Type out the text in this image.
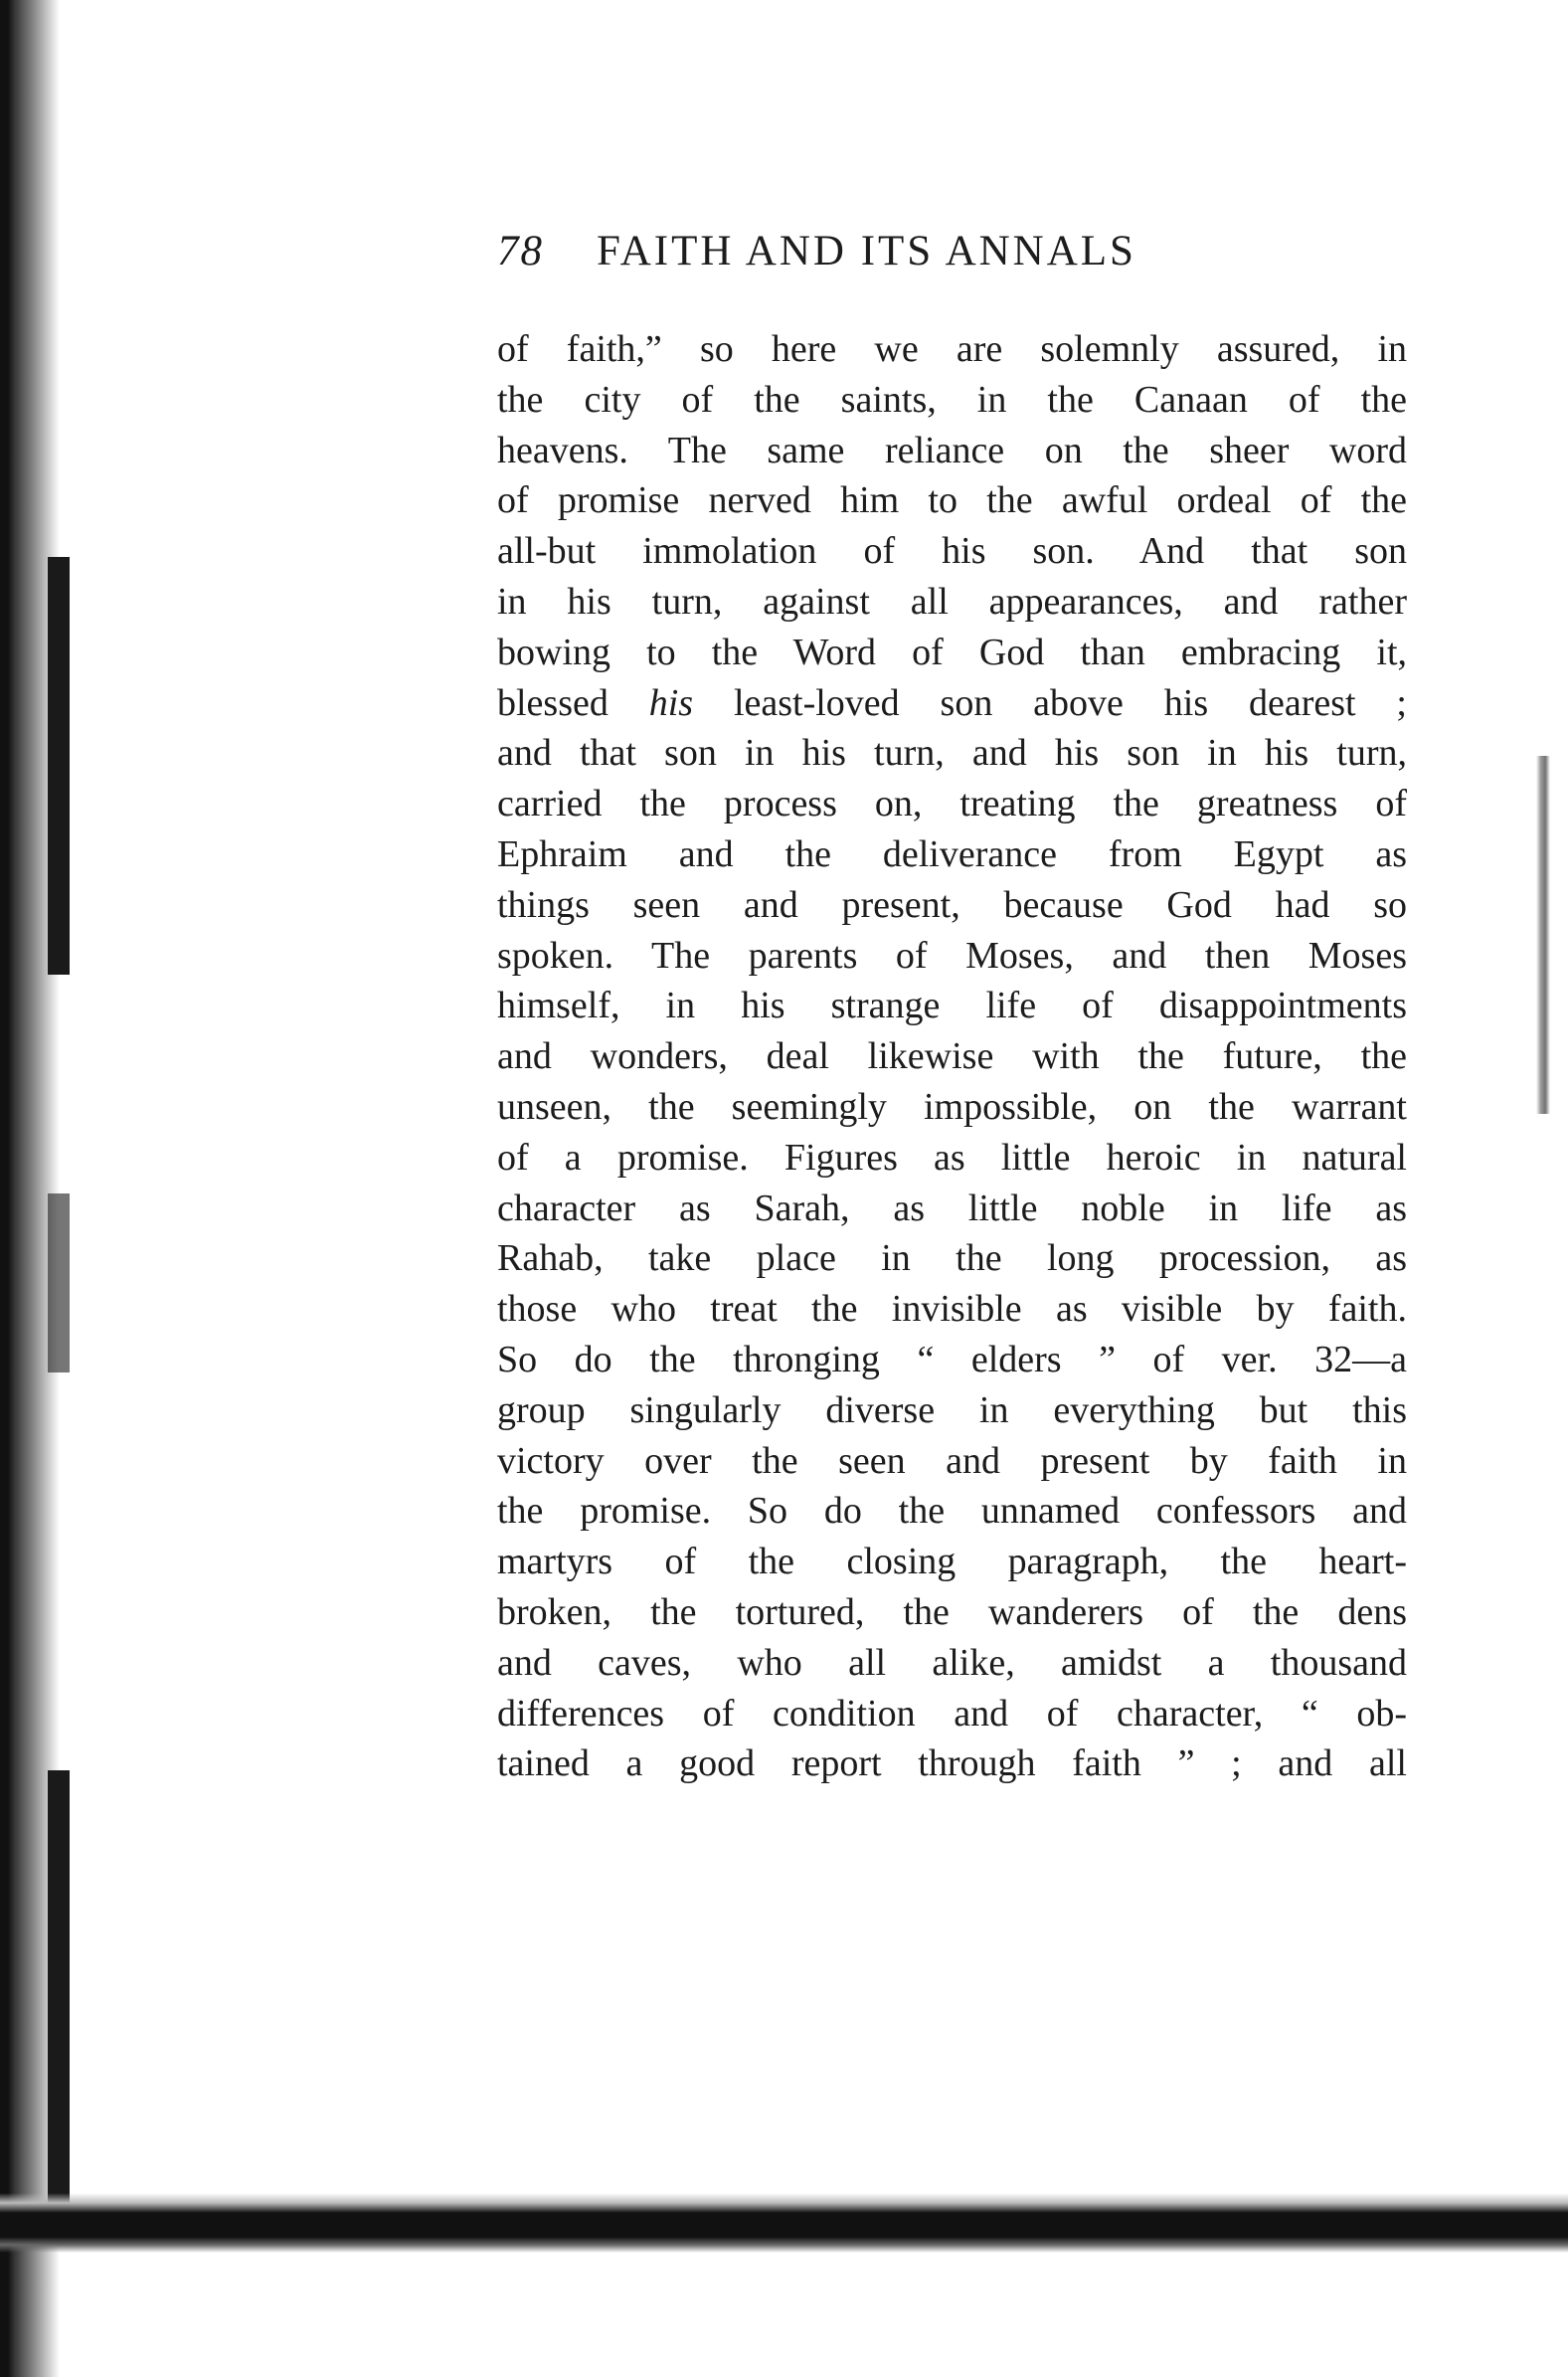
78	FAITH AND ITS ANNALS
of faith,” so here we are solemnly assured, in
the city of the saints, in the Canaan of the
heavens. The same reliance on the sheer word
of promise nerved him to the awful ordeal of the
all-but immolation of his son. And that son
in his turn, against all appearances, and rather
bowing to the Word of God than embracing it,
blessed his least-loved son above his dearest ;
and that son in his turn, and his son in his turn,
carried the process on, treating the greatness of
Ephraim and the deliverance from Egypt as
things seen and present, because God had so
spoken. The parents of Moses, and then Moses
himself, in his strange life of disappointments
and wonders, deal likewise with the future, the
unseen, the seemingly impossible, on the warrant
of a promise. Figures as little heroic in natural
character as Sarah, as little noble in life as
Rahab, take place in the long procession, as
those who treat the invisible as visible by faith.
So do the thronging “ elders ” of ver. 32—a
group singularly diverse in everything but this
victory over the seen and present by faith in
the promise. So do the unnamed confessors and
martyrs of the closing paragraph, the heart-
broken, the tortured, the wanderers of the dens
and caves, who all alike, amidst a thousand
differences of condition and of character, “ ob-
tained a good report through faith ” ; and all
